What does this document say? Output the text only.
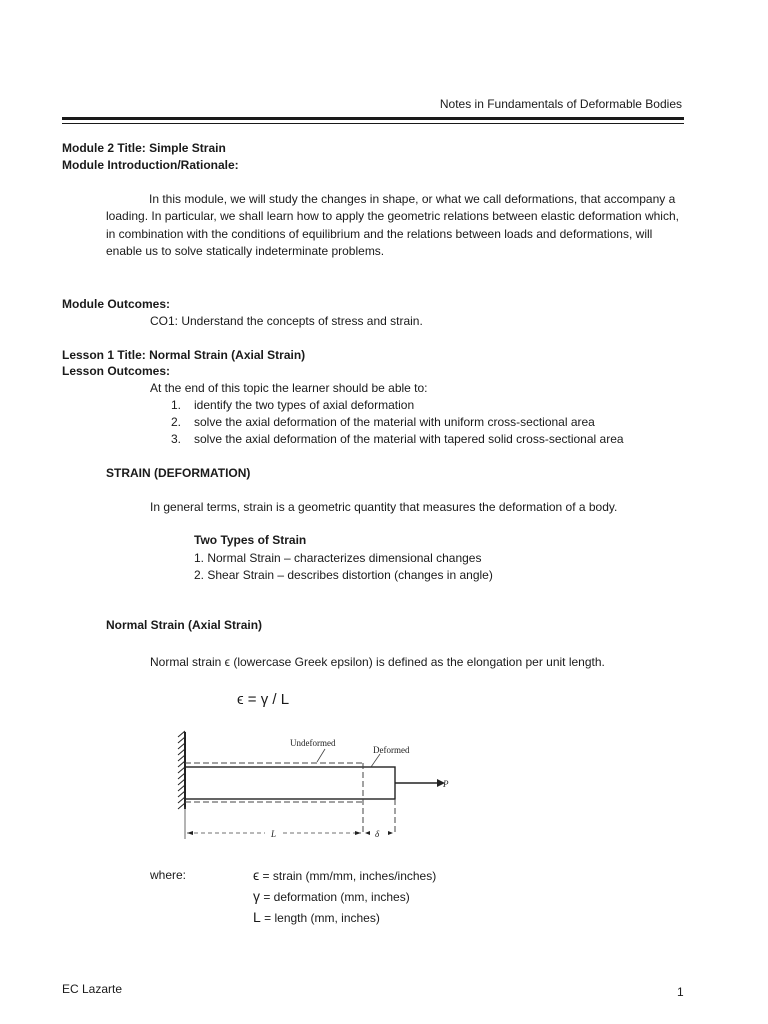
Notes in Fundamentals of Deformable Bodies
Module 2 Title: Simple Strain
Module Introduction/Rationale:
In this module, we will study the changes in shape, or what we call deformations, that accompany a loading. In particular, we shall learn how to apply the geometric relations between elastic deformation which, in combination with the conditions of equilibrium and the relations between loads and deformations, will enable us to solve statically indeterminate problems.
Module Outcomes:
CO1: Understand the concepts of stress and strain.
Lesson 1 Title: Normal Strain (Axial Strain)
Lesson Outcomes:
At the end of this topic the learner should be able to:
1.	identify the two types of axial deformation
2.	solve the axial deformation of the material with uniform cross-sectional area
3.	solve the axial deformation of the material with tapered solid cross-sectional area
STRAIN (DEFORMATION)
In general terms, strain is a geometric quantity that measures the deformation of a body.
Two Types of Strain
1. Normal Strain – characterizes dimensional changes
2. Shear Strain – describes distortion (changes in angle)
Normal Strain (Axial Strain)
Normal strain ϵ (lowercase Greek epsilon) is defined as the elongation per unit length.
ϵ = γ / L
Undeformed
Deformed
P
L	δ
where:	ϵ = strain (mm/mm, inches/inches)
γ = deformation (mm, inches)
L = length (mm, inches)
EC Lazarte	1
